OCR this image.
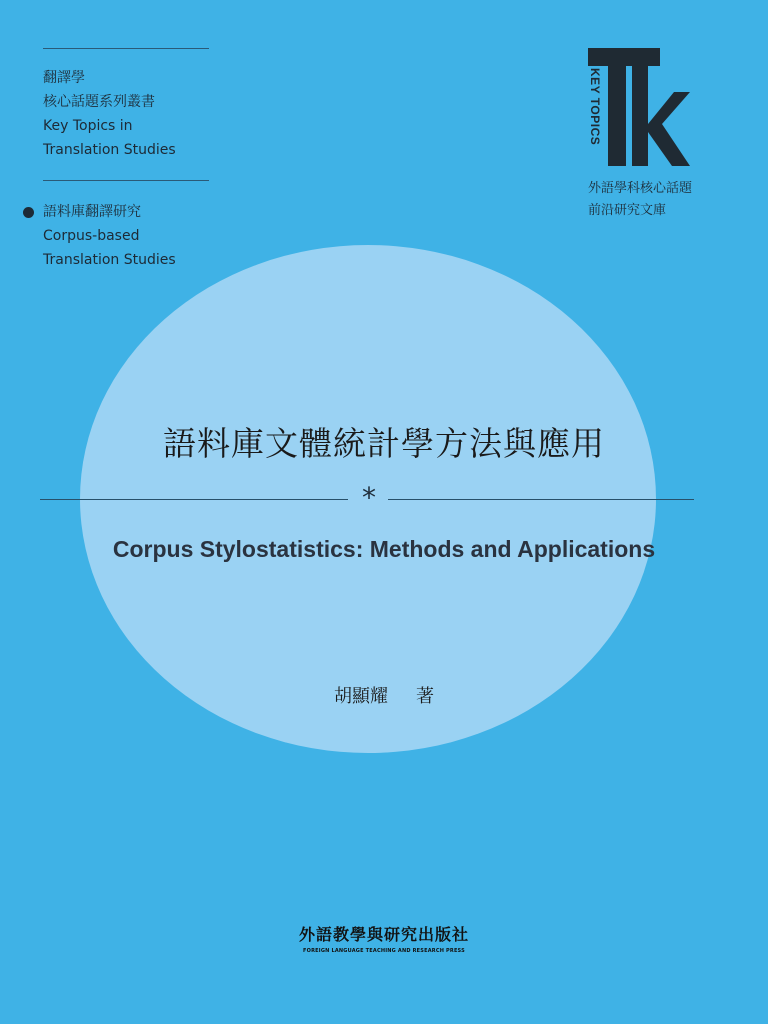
翻譯學
核心話題系列叢書
Key Topics in
Translation Studies
語料庫翻譯研究
Corpus-based
Translation Studies
KEY TOPICS
外語學科核心話題
前沿研究文庫
語料庫文體統計學方法與應用
*
Corpus Stylostatistics: Methods and Applications
胡顯耀 著
外語教學與研究出版社
FOREIGN LANGUAGE TEACHING AND RESEARCH PRESS
